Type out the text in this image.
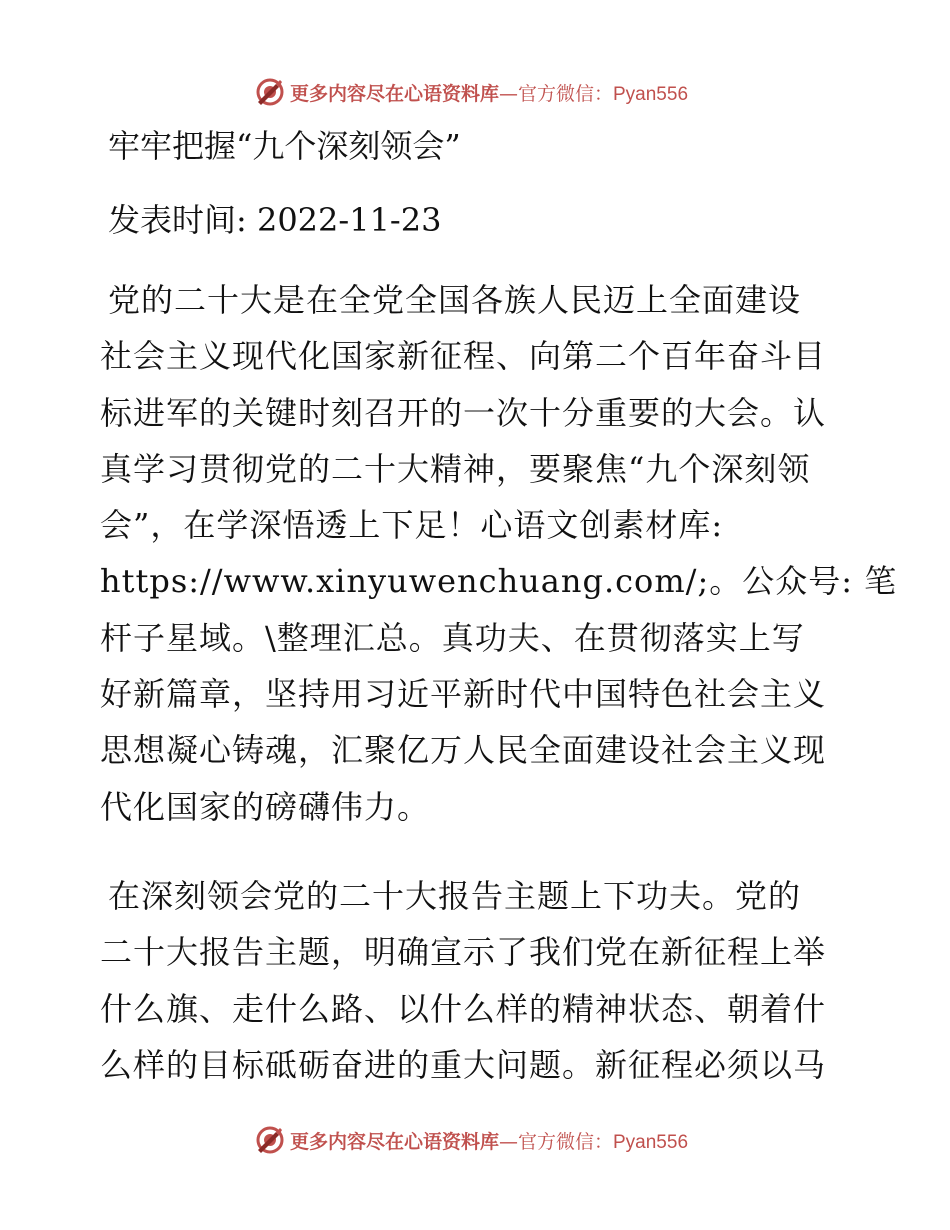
更多内容尽在心语资料库—官方微信：Pyan556
牢牢把握“九个深刻领会”
发表时间: 2022-11-23
党的二十大是在全党全国各族人民迈上全面建设
社会主义现代化国家新征程、向第二个百年奋斗目
标进军的关键时刻召开的一次十分重要的大会。认
真学习贯彻党的二十大精神，要聚焦“九个深刻领
会”，在学深悟透上下足！心语文创素材库:
https://www.xinyuwenchuang.com/;。公众号: 笔
杆子星域。\整理汇总。真功夫、在贯彻落实上写
好新篇章，坚持用习近平新时代中国特色社会主义
思想凝心铸魂，汇聚亿万人民全面建设社会主义现
代化国家的磅礴伟力。
在深刻领会党的二十大报告主题上下功夫。党的
二十大报告主题，明确宣示了我们党在新征程上举
什么旗、走什么路、以什么样的精神状态、朝着什
么样的目标砥砺奋进的重大问题。新征程必须以马
更多内容尽在心语资料库—官方微信：Pyan556
